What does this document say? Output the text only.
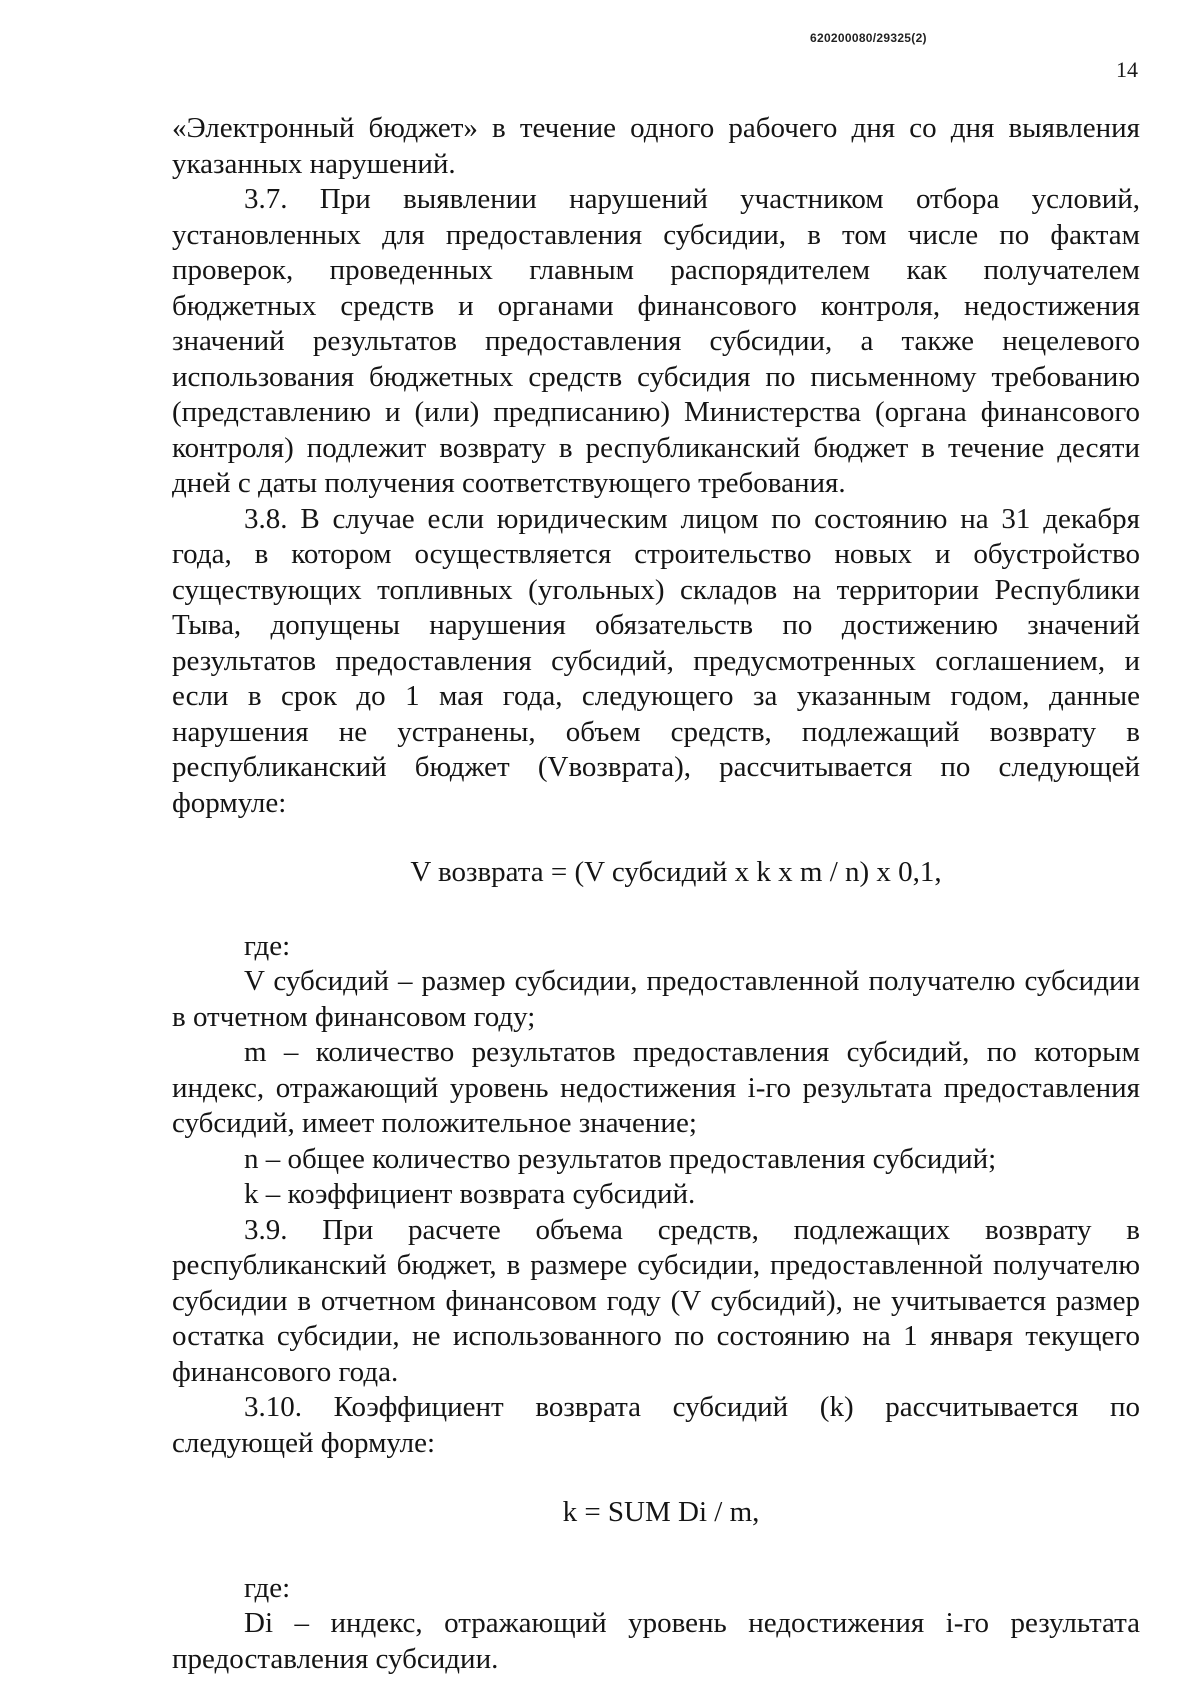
620200080/29325(2)
14

«Электронный бюджет» в течение одного рабочего дня со дня выявления указанных нарушений.

3.7. При выявлении нарушений участником отбора условий, установленных для предоставления субсидии, в том числе по фактам проверок, проведенных главным распорядителем как получателем бюджетных средств и органами финансового контроля, недостижения значений результатов предоставления субсидии, а также нецелевого использования бюджетных средств субсидия по письменному требованию (представлению и (или) предписанию) Министерства (органа финансового контроля) подлежит возврату в республиканский бюджет в течение десяти дней с даты получения соответствующего требования.

3.8. В случае если юридическим лицом по состоянию на 31 декабря года, в котором осуществляется строительство новых и обустройство существующих топливных (угольных) складов на территории Республики Тыва, допущены нарушения обязательств по достижению значений результатов предоставления субсидий, предусмотренных соглашением, и если в срок до 1 мая года, следующего за указанным годом, данные нарушения не устранены, объем средств, подлежащий возврату в республиканский бюджет (Vвозврата), рассчитывается по следующей формуле:

V возврата = (V субсидий x k x m / n) x 0,1,

где:

V субсидий – размер субсидии, предоставленной получателю субсидии в отчетном финансовом году;

m – количество результатов предоставления субсидий, по которым индекс, отражающий уровень недостижения i-го результата предоставления субсидий, имеет положительное значение;

n – общее количество результатов предоставления субсидий;

k – коэффициент возврата субсидий.

3.9. При расчете объема средств, подлежащих возврату в республиканский бюджет, в размере субсидии, предоставленной получателю субсидии в отчетном финансовом году (V субсидий), не учитывается размер остатка субсидии, не использованного по состоянию на 1 января текущего финансового года.

3.10. Коэффициент возврата субсидий (k) рассчитывается по следующей формуле:

k = SUM Di / m,

где:

Di – индекс, отражающий уровень недостижения i-го результата предоставления субсидии.
